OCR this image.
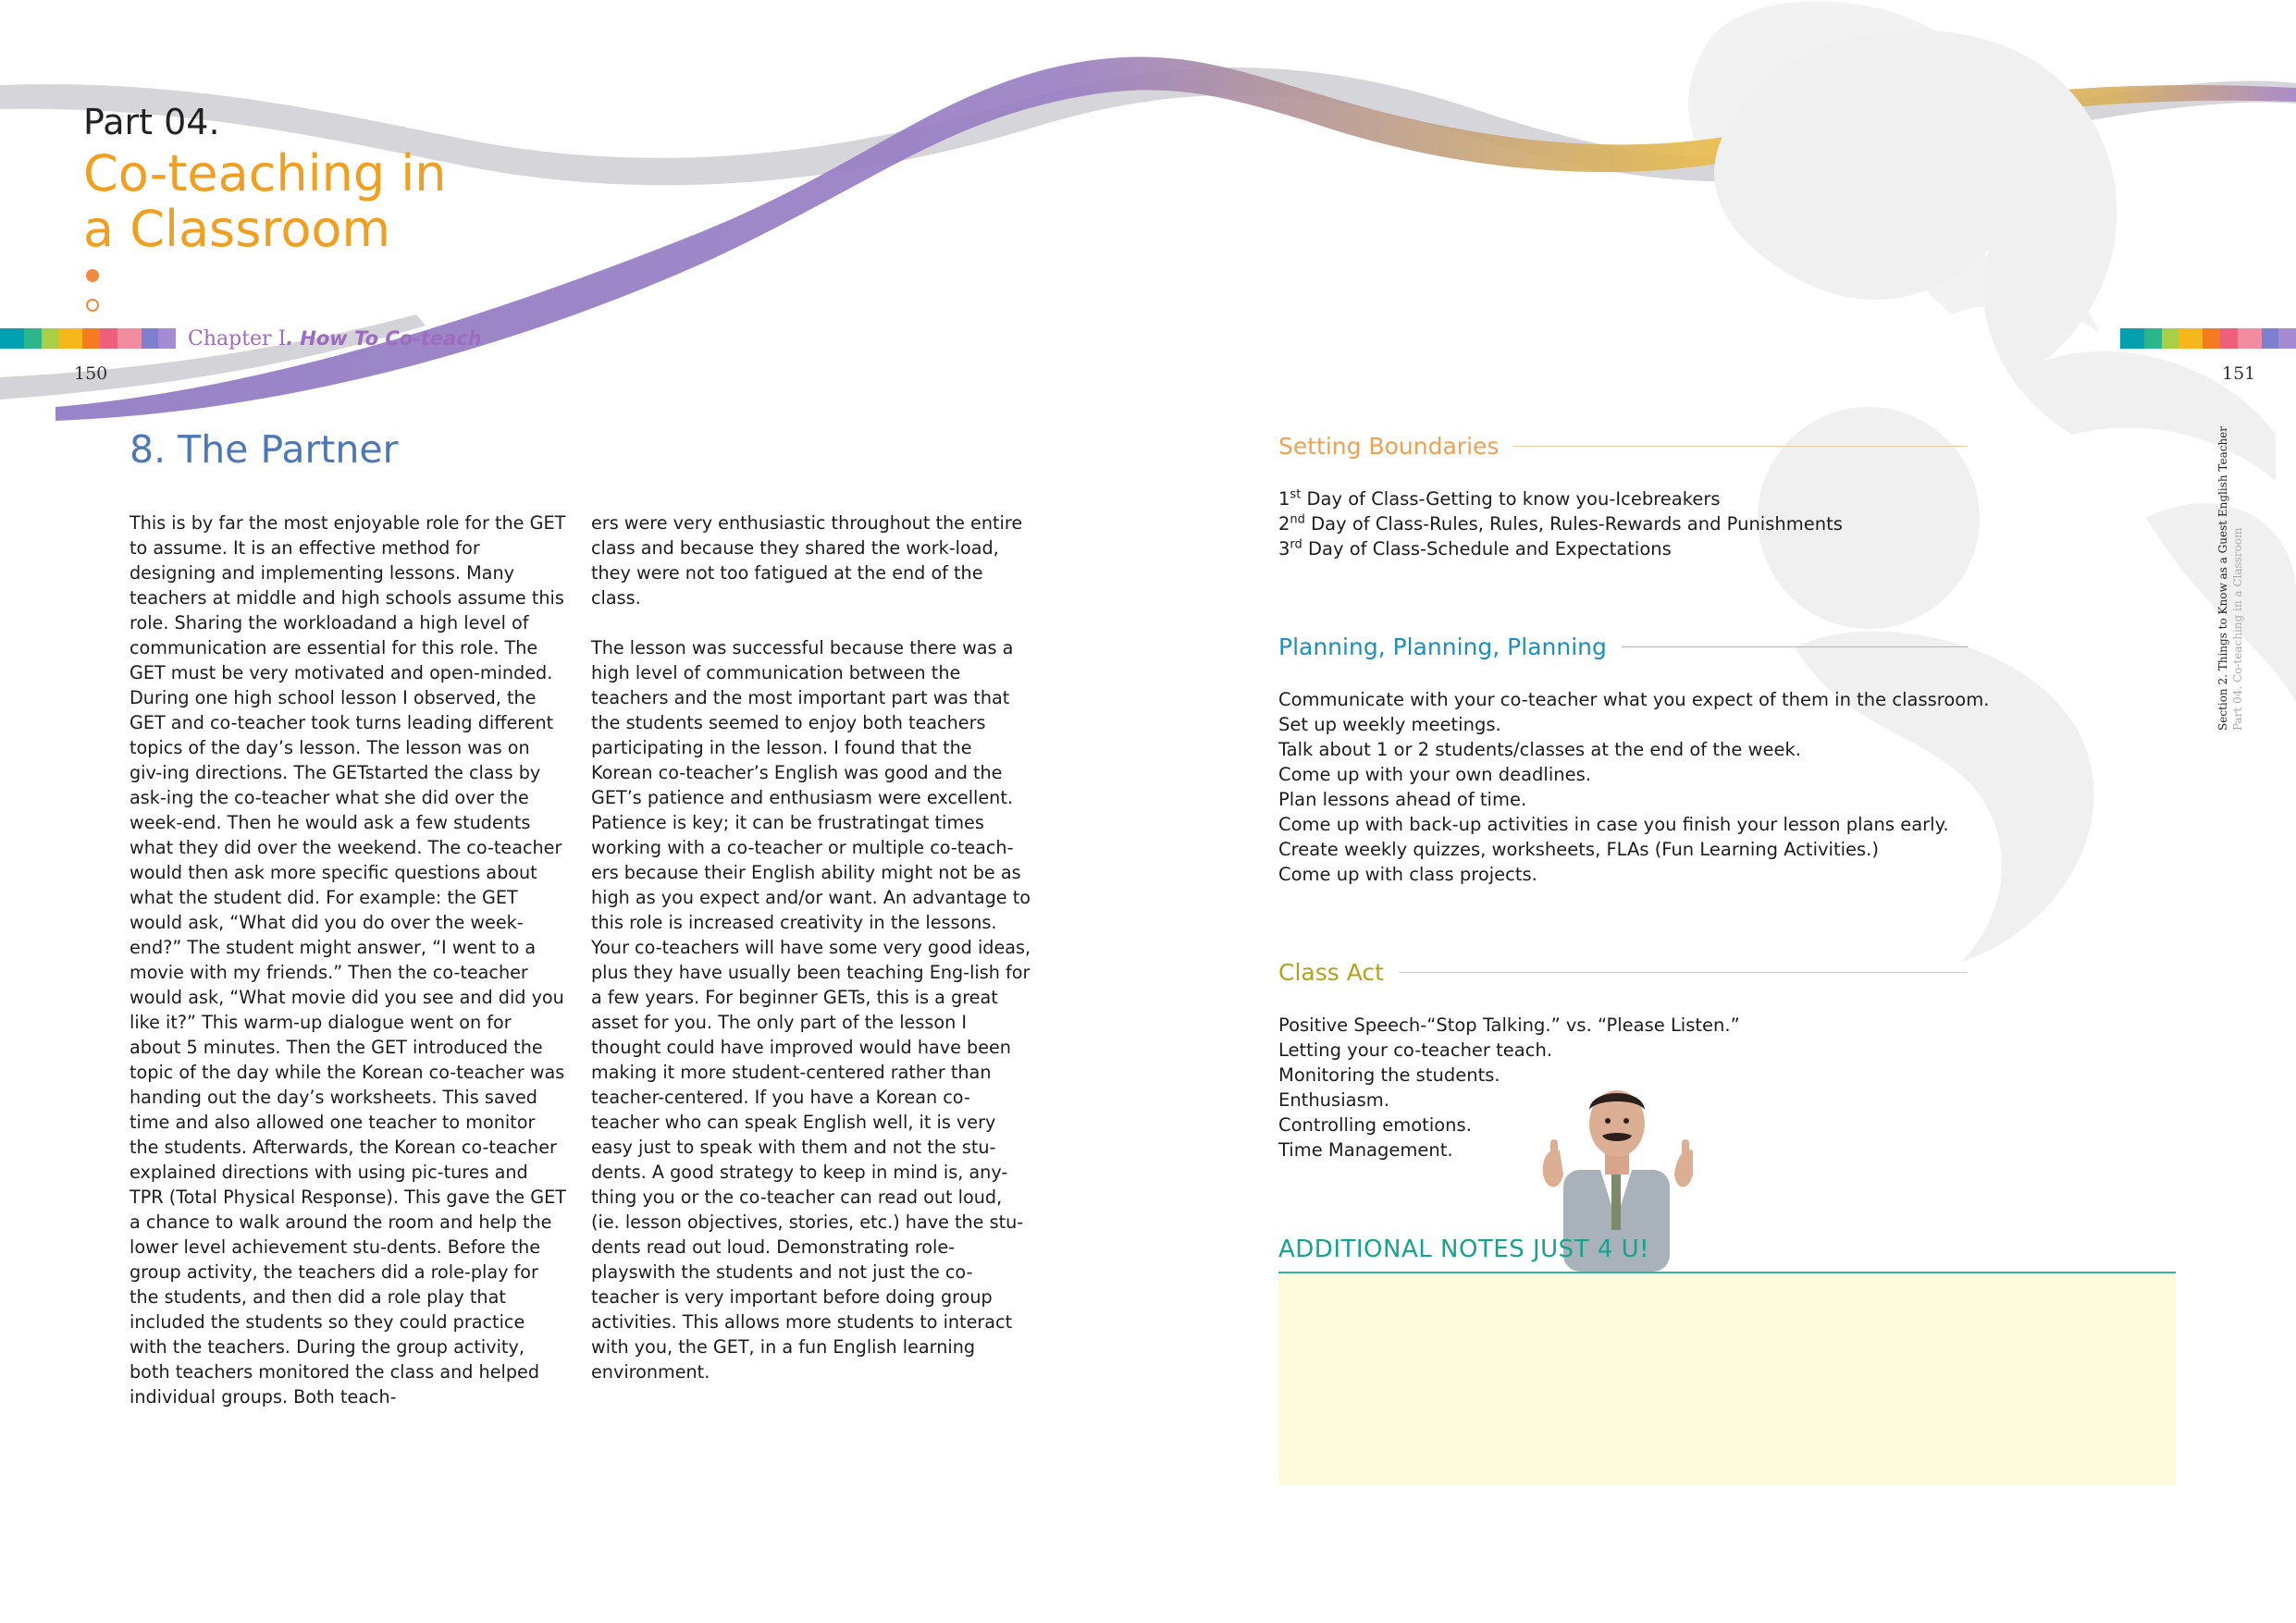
Part 04.
Co-teaching in
a Classroom
Chapter I. How To Co-teach
150	151
Section 2. Things to Know as a Guest English Teacher Part 04. Co-teaching in a Classroom
8. The Partner

This is by far the most enjoyable role for the GET to assume. It is an effective method for designing and implementing lessons. Many teachers at middle and high schools assume this role. Sharing the workloadand a high level of communication are essential for this role. The GET must be very motivated and open-minded. During one high school lesson I observed, the GET and co-teacher took turns leading different topics of the day’s lesson. The lesson was on giv-ing directions. The GETstarted the class by ask-ing the co-teacher what she did over the week-end. Then he would ask a few students what they did over the weekend. The co-teacher would then ask more specific questions about what the student did. For example: the GET would ask, “What did you do over the week-end?” The student might answer, “I went to a movie with my friends.” Then the co-teacher would ask, “What movie did you see and did you like it?” This warm-up dialogue went on for about 5 minutes. Then the GET introduced the topic of the day while the Korean co-teacher was handing out the day’s worksheets. This saved time and also allowed one teacher to monitor the students. Afterwards, the Korean co-teacher explained directions with using pic-tures and TPR (Total Physical Response). This gave the GET a chance to walk around the room and help the lower level achievement stu-dents. Before the group activity, the teachers did a role-play for the students, and then did a role play that included the students so they could practice with the teachers. During the group activity, both teachers monitored the class and helped individual groups. Both teach-

ers were very enthusiastic throughout the entire class and because they shared the work-load, they were not too fatigued at the end of the class.

The lesson was successful because there was a high level of communication between the teachers and the most important part was that the students seemed to enjoy both teachers participating in the lesson. I found that the Korean co-teacher’s English was good and the GET’s patience and enthusiasm were excellent. Patience is key; it can be frustratingat times working with a co-teacher or multiple co-teach-ers because their English ability might not be as high as you expect and/or want. An advantage to this role is increased creativity in the lessons. Your co-teachers will have some very good ideas, plus they have usually been teaching Eng-lish for a few years. For beginner GETs, this is a great asset for you. The only part of the lesson I thought could have improved would have been making it more student-centered rather than teacher-centered. If you have a Korean co-teacher who can speak English well, it is very easy just to speak with them and not the stu-dents. A good strategy to keep in mind is, any-thing you or the co-teacher can read out loud, (ie. lesson objectives, stories, etc.) have the stu-dents read out loud. Demonstrating role-playswith the students and not just the co-teacher is very important before doing group activities. This allows more students to interact with you, the GET, in a fun English learning environment.

Setting Boundaries
1st Day of Class-Getting to know you-Icebreakers
2nd Day of Class-Rules, Rules, Rules-Rewards and Punishments
3rd Day of Class-Schedule and Expectations
Planning, Planning, Planning
Communicate with your co-teacher what you expect of them in the classroom.
Set up weekly meetings.
Talk about 1 or 2 students/classes at the end of the week.
Come up with your own deadlines.
Plan lessons ahead of time.
Come up with back-up activities in case you finish your lesson plans early.
Create weekly quizzes, worksheets, FLAs (Fun Learning Activities.)
Come up with class projects.
Class Act
Positive Speech-“Stop Talking.” vs. “Please Listen.”
Letting your co-teacher teach.
Monitoring the students.
Enthusiasm.
Controlling emotions.
Time Management.
ADDITIONAL NOTES JUST 4 U!
